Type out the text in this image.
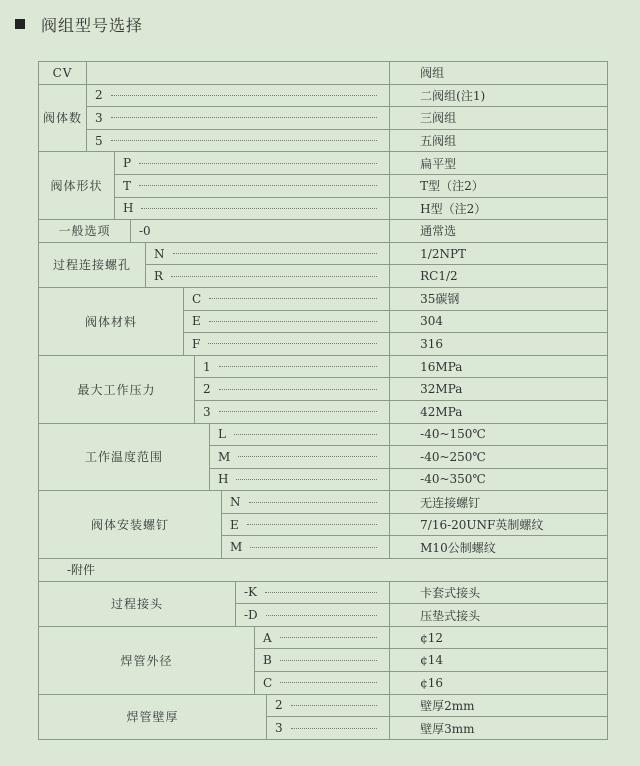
阀组型号选择
CV												阀组
阀体数	2											二阀组(注1)

	3											三阀组

	5											五阀组
阀体形状		P										扁平型

		T										T型（注2）

		H										H型（注2）
一般选项			-0									通常选
过程连接螺孔				N								1/2NPT

				R								RC1/2
阀体材料					C							35碳钢

					E							304

					F							316
最大工作压力						1						16MPa

						2						32MPa

						3						42MPa
工作温度范围							L					-40~150℃

							M					-40~250℃

							H					-40~350℃
阀体安装螺钉								N				无连接螺钉

								E				7/16-20UNF英制螺纹

								M				M10公制螺纹
-附件												
过程接头									-K			卡套式接头

									-D			压垫式接头
焊管外径										A		¢12

										B		¢14

										C		¢16
焊管壁厚											2	壁厚2mm

											3	壁厚3mm
